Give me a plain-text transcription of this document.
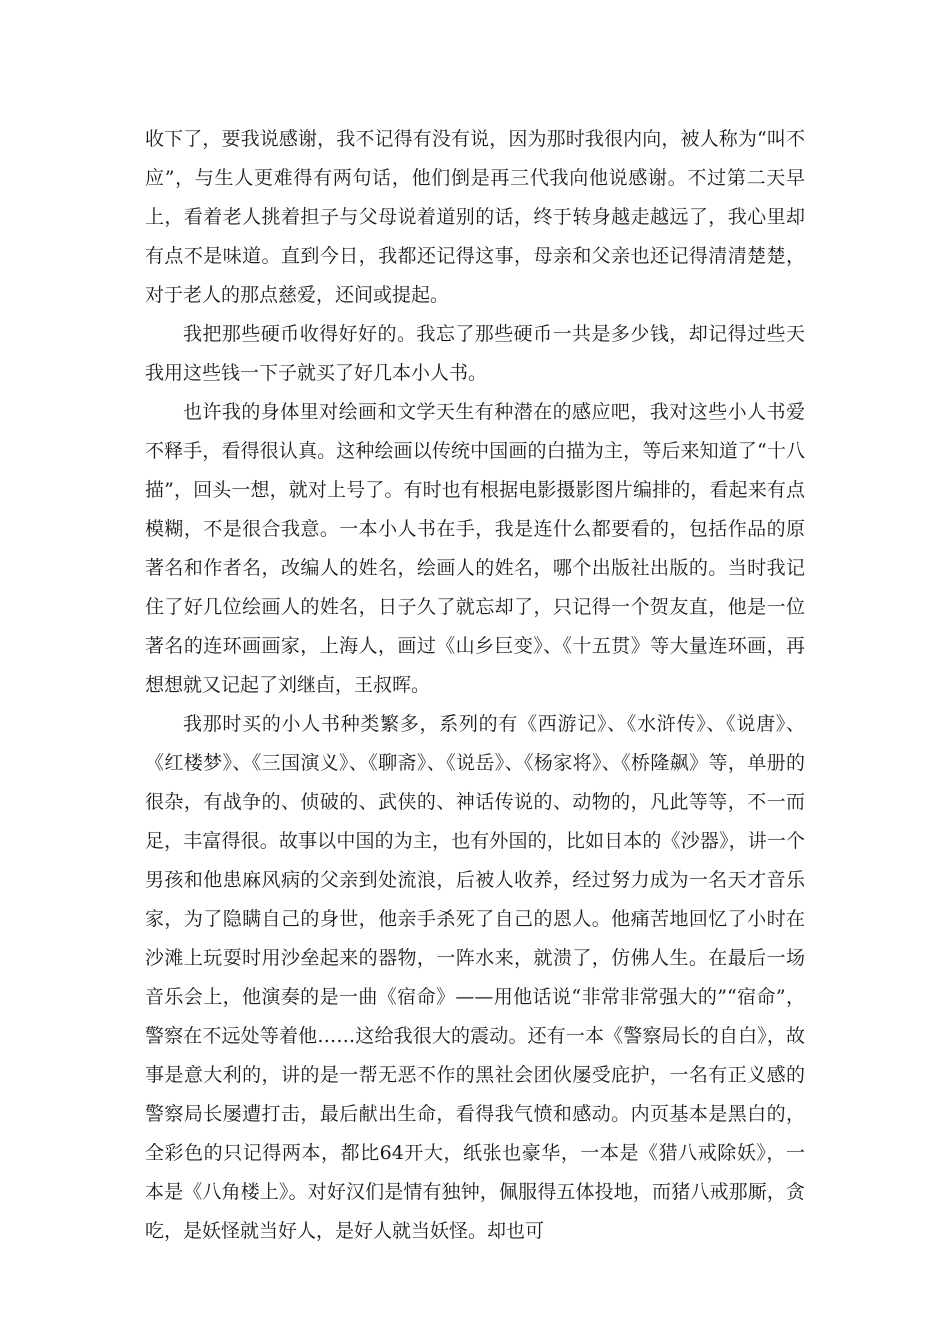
收下了，要我说感谢，我不记得有没有说，因为那时我很内向，被人称为“叫不应”，与生人更难得有两句话，他们倒是再三代我向他说感谢。不过第二天早上，看着老人挑着担子与父母说着道别的话，终于转身越走越远了，我心里却有点不是味道。直到今日，我都还记得这事，母亲和父亲也还记得清清楚楚，对于老人的那点慈爱，还间或提起。

我把那些硬币收得好好的。我忘了那些硬币一共是多少钱，却记得过些天我用这些钱一下子就买了好几本小人书。

也许我的身体里对绘画和文学天生有种潜在的感应吧，我对这些小人书爱不释手，看得很认真。这种绘画以传统中国画的白描为主，等后来知道了“十八描”，回头一想，就对上号了。有时也有根据电影摄影图片编排的，看起来有点模糊，不是很合我意。一本小人书在手，我是连什么都要看的，包括作品的原著名和作者名，改编人的姓名，绘画人的姓名，哪个出版社出版的。当时我记住了好几位绘画人的姓名，日子久了就忘却了，只记得一个贺友直，他是一位著名的连环画画家，上海人，画过《山乡巨变》、《十五贯》等大量连环画，再想想就又记起了刘继卣，王叔晖。

我那时买的小人书种类繁多，系列的有《西游记》、《水浒传》、《说唐》、《红楼梦》、《三国演义》、《聊斋》、《说岳》、《杨家将》、《桥隆飙》等，单册的很杂，有战争的、侦破的、武侠的、神话传说的、动物的，凡此等等，不一而足，丰富得很。故事以中国的为主，也有外国的，比如日本的《沙器》，讲一个男孩和他患麻风病的父亲到处流浪，后被人收养，经过努力成为一名天才音乐家，为了隐瞒自己的身世，他亲手杀死了自己的恩人。他痛苦地回忆了小时在沙滩上玩耍时用沙垒起来的器物，一阵水来，就溃了，仿佛人生。在最后一场音乐会上，他演奏的是一曲《宿命》——用他话说“非常非常强大的”“宿命”，警察在不远处等着他……这给我很大的震动。还有一本《警察局长的自白》，故事是意大利的，讲的是一帮无恶不作的黑社会团伙屡受庇护，一名有正义感的警察局长屡遭打击，最后献出生命，看得我气愤和感动。内页基本是黑白的，全彩色的只记得两本，都比64开大，纸张也豪华，一本是《猎八戒除妖》，一本是《八角楼上》。对好汉们是情有独钟，佩服得五体投地，而猪八戒那厮，贪吃，是妖怪就当好人，是好人就当妖怪。却也可
